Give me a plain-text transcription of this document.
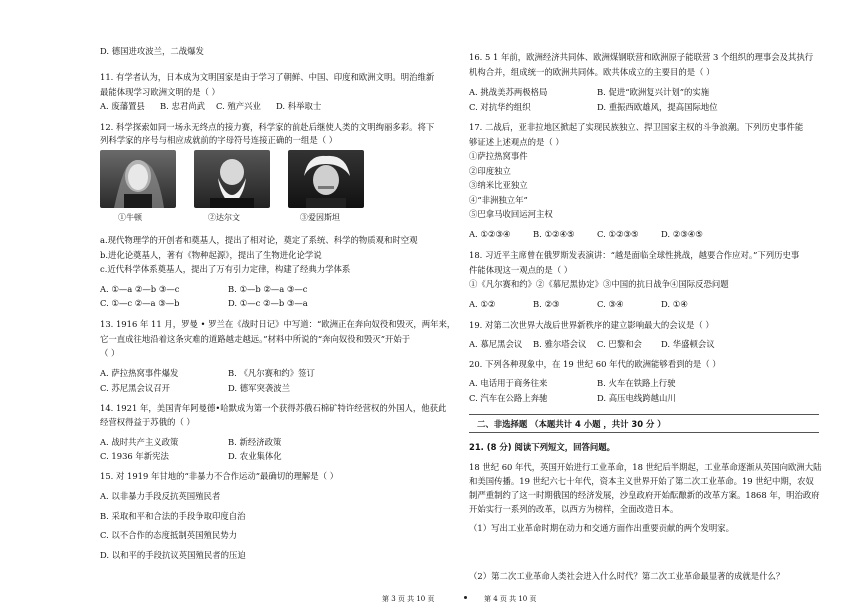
D. 德国进攻波兰，二战爆发
11. 有学者认为，日本成为文明国家是由于学习了朝鲜、中国、印度和欧洲文明。明治维新
最能体现学习欧洲文明的是（ ）
A. 废藩置县 B. 忠君尚武 C. 殖产兴业 D. 科举取士
12. 科学探索如同一场永无终点的接力赛，科学家的前赴后继使人类的文明绚丽多彩。将下
列科学家的序号与相应成就前的字母符号连接正确的一组是（ ）
①牛顿	②达尔文	③爱因斯坦
a.现代物理学的开创者和奠基人，提出了相对论，奠定了系统、科学的物质观和时空观
b.进化论奠基人，著有《物种起源》，提出了生物进化论学说
c.近代科学体系奠基人，提出了万有引力定律，构建了经典力学体系
A. ①—a ②—b ③—c	B. ①—b ②—a ③—c
C. ①—c ②—a ③—b	D. ①—c ②—b ③—a
13. 1916 年 11 月，罗曼 • 罗兰在《战时日记》中写道：“欧洲正在奔向奴役和毁灭，两年来，
它一直成往地沿着这条灾难的道路越走越远。”材料中所说的“奔向奴役和毁灭”开始于
（ ）
A. 萨拉热窝事件爆发	B. 《凡尔赛和约》签订
C. 苏尼黑会议召开	D. 德军突袭波兰
14. 1921 年，美国青年阿曼德•哈默成为第一个获得苏俄石棉矿特许经营权的外国人，他获此
经营权得益于苏俄的（ ）
A. 战时共产主义政策	B. 新经济政策
C. 1936 年新宪法	D. 农业集体化
15. 对 1919 年甘地的“非暴力不合作运动”最确切的理解是（ ）
A. 以非暴力手段反抗英国殖民者
B. 采取和平和合法的手段争取印度自治
C. 以不合作的态度抵制英国殖民势力
D. 以和平的手段抗议英国殖民者的压迫
16. 5 1 年前，欧洲经济共同体、欧洲煤钢联营和欧洲原子能联营 3 个组织的理事会及其执行
机构合并，组成统一的欧洲共同体。欧共体成立的主要目的是（ ）
A. 挑战美苏两极格局	B. 促进“欧洲复兴计划”的实施
C. 对抗华约组织	D. 重振西欧雄风，提高国际地位
17. 二战后，亚非拉地区掀起了实现民族独立、捍卫国家主权的斗争浪潮。下列历史事件能
够证述上述观点的是（ ）
①萨拉热窝事件
②印度独立
③纳米比亚独立
④“非洲独立年”
⑤巴拿马收回运河主权
A. ①②③④	B. ①②④⑤	C. ①②③⑤	D. ②③④⑤
18. 习近平主席曾在俄罗斯发表演讲：“越是面临全球性挑战，越要合作应对。”下列历史事
件能体现这一观点的是（ ）
①《凡尔赛和约》②《慕尼黑协定》③中国的抗日战争④国际反恐问题
A. ①②	B. ②③	C. ③④	D. ①④
19. 对第二次世界大战后世界新秩序的建立影响最大的会议是（ ）
A. 慕尼黑会议 B. 雅尔塔会议 C. 巴黎和会 D. 华盛顿会议
20. 下列各种现象中，在 19 世纪 60 年代的欧洲能够看到的是（ ）
A. 电话用于商务往来	B. 火车在铁路上行驶
C. 汽车在公路上奔驰	D. 高压电线跨越山川
二、非选择题 （本题共计 4 小题 ，共计 30 分 ）
21. (8 分) 阅读下列短文，回答问题。
18 世纪 60 年代，英国开始进行工业革命，18 世纪后半期起，工业革命逐渐从英国向欧洲大陆
和美国传播。19 世纪六七十年代，资本主义世界开始了第二次工业革命。19 世纪中期，农奴
制严重制约了这一时期俄国的经济发展，沙皇政府开始酝酿新的改革方案。1868 年，明治政府
开始实行一系列的改革，以西方为榜样，全面改造日本。
（1）写出工业革命时期在动力和交通方面作出重要贡献的两个发明家。
（2）第二次工业革命人类社会进入什么时代？第二次工业革命最显著的成就是什么？
第 3 页 共 10 页	第 4 页 共 10 页
